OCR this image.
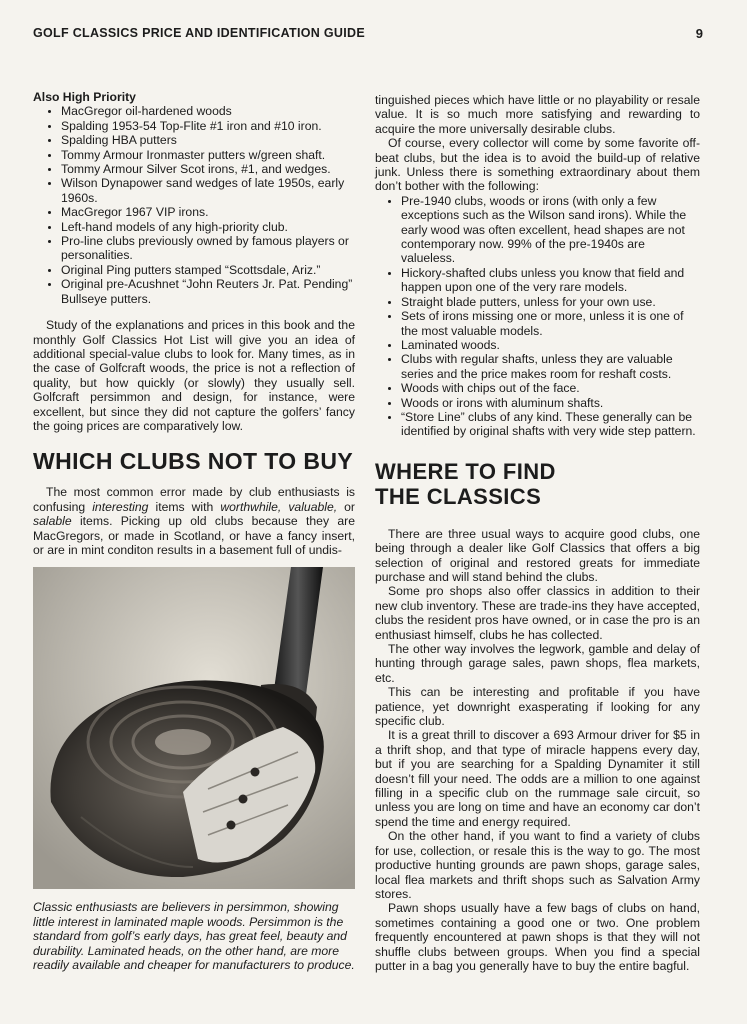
GOLF CLASSICS PRICE AND IDENTIFICATION GUIDE	9

Also High Priority

• MacGregor oil-hardened woods
• Spalding 1953-54 Top-Flite #1 iron and #10 iron.
• Spalding HBA putters
• Tommy Armour Ironmaster putters w/green shaft.
• Tommy Armour Silver Scot irons, #1, and wedges.
• Wilson Dynapower sand wedges of late 1950s, early 1960s.
• MacGregor 1967 VIP irons.
• Left-hand models of any high-priority club.
• Pro-line clubs previously owned by famous players or personalities.
• Original Ping putters stamped “Scottsdale, Ariz.”
• Original pre-Acushnet “John Reuters Jr. Pat. Pending” Bullseye putters.

Study of the explanations and prices in this book and the monthly Golf Classics Hot List will give you an idea of additional special-value clubs to look for. Many times, as in the case of Golfcraft woods, the price is not a reflection of quality, but how quickly (or slowly) they usually sell. Golfcraft persimmon and design, for instance, were excellent, but since they did not capture the golfers’ fancy the going prices are comparatively low.

WHICH CLUBS NOT TO BUY

The most common error made by club enthusiasts is confusing interesting items with worthwhile, valuable, or salable items. Picking up old clubs because they are MacGregors, or made in Scotland, or have a fancy insert, or are in mint conditon results in a basement full of undis-

Classic enthusiasts are believers in persimmon, showing little interest in laminated maple woods. Persimmon is the standard from golf’s early days, has great feel, beauty and durability. Laminated heads, on the other hand, are more readily available and cheaper for manufacturers to produce.

tinguished pieces which have little or no playability or resale value. It is so much more satisfying and rewarding to acquire the more universally desirable clubs.

Of course, every collector will come by some favorite off-beat clubs, but the idea is to avoid the build-up of relative junk. Unless there is something extraordinary about them don’t bother with the following:

• Pre-1940 clubs, woods or irons (with only a few exceptions such as the Wilson sand irons). While the early wood was often excellent, head shapes are not contemporary now. 99% of the pre-1940s are valueless.
• Hickory-shafted clubs unless you know that field and happen upon one of the very rare models.
• Straight blade putters, unless for your own use.
• Sets of irons missing one or more, unless it is one of the most valuable models.
• Laminated woods.
• Clubs with regular shafts, unless they are valuable series and the price makes room for reshaft costs.
• Woods with chips out of the face.
• Woods or irons with aluminum shafts.
• “Store Line” clubs of any kind. These generally can be identified by original shafts with very wide step pattern.
WHERE TO FIND
THE CLASSICS

There are three usual ways to acquire good clubs, one being through a dealer like Golf Classics that offers a big selection of original and restored greats for immediate purchase and will stand behind the clubs.

Some pro shops also offer classics in addition to their new club inventory. These are trade-ins they have accepted, clubs the resident pros have owned, or in case the pro is an enthusiast himself, clubs he has collected.

The other way involves the legwork, gamble and delay of hunting through garage sales, pawn shops, flea markets, etc.

This can be interesting and profitable if you have patience, yet downright exasperating if looking for any specific club.

It is a great thrill to discover a 693 Armour driver for $5 in a thrift shop, and that type of miracle happens every day, but if you are searching for a Spalding Dynamiter it still doesn’t fill your need. The odds are a million to one against filling in a specific club on the rummage sale circuit, so unless you are long on time and have an economy car don’t spend the time and energy required.

On the other hand, if you want to find a variety of clubs for use, collection, or resale this is the way to go. The most productive hunting grounds are pawn shops, garage sales, local flea markets and thrift shops such as Salvation Army stores.

Pawn shops usually have a few bags of clubs on hand, sometimes containing a good one or two. One problem frequently encountered at pawn shops is that they will not shuffle clubs between groups. When you find a special putter in a bag you generally have to buy the entire bagful.
